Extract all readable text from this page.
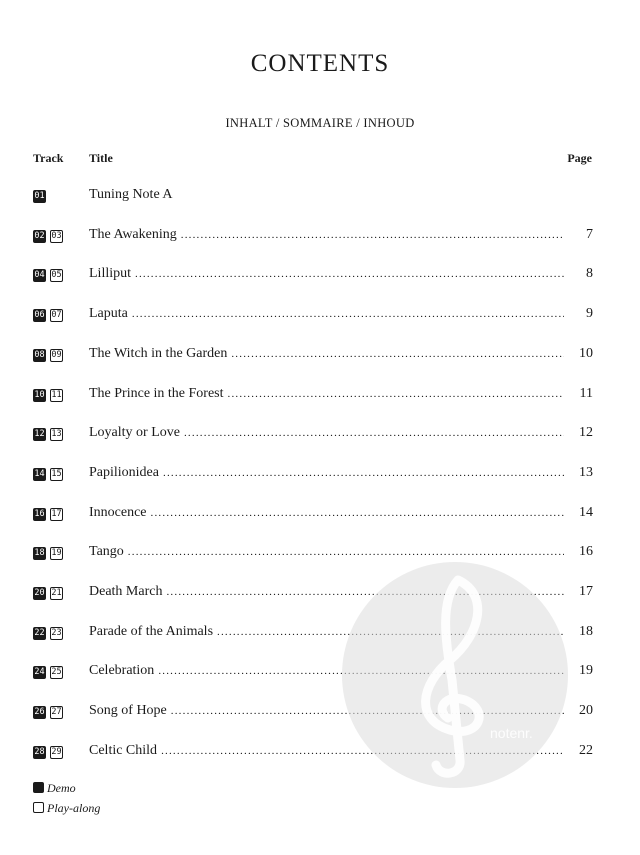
CONTENTS
INHALT / SOMMAIRE / INHOUD
Track Title	Page
01	Tuning Note A
02 03 The Awakening .....	7
04 05 Lilliput .....	8
06 07 Laputa .....	9
08 09 The Witch in the Garden .....	10
10 11 The Prince in the Forest .....	11
12 13 Loyalty or Love .....	12
14 15 Papilionidea .....	13
16 17 Innocence .....	14
18 19 Tango .....	16
20 21 Death March .....	17
22 23 Parade of the Animals .....	18
24 25 Celebration .....	19
26 27 Song of Hope .....	20
28 29 Celtic Child .....	22
Demo
Play-along
notenr.
